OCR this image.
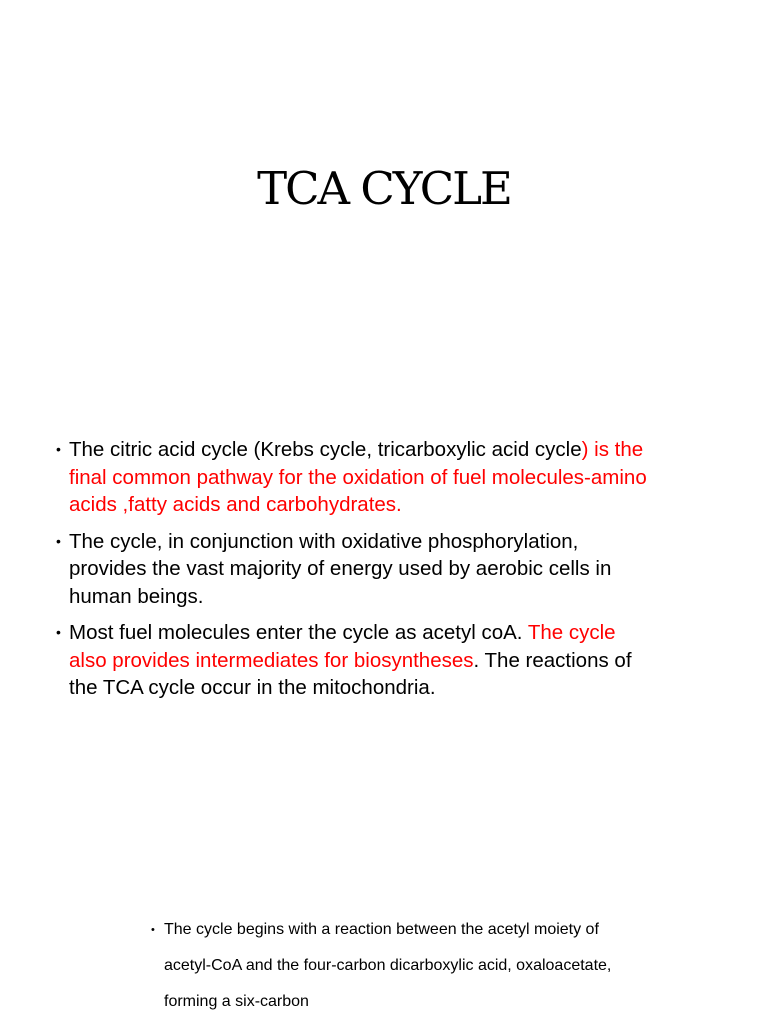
TCA CYCLE
• The citric acid cycle (Krebs cycle, tricarboxylic acid cycle) is the final common pathway for the oxidation of fuel molecules-amino acids ,fatty acids and carbohydrates.
• The cycle, in conjunction with oxidative phosphorylation, provides the vast majority of energy used by aerobic cells in human beings.
• Most fuel molecules enter the cycle as acetyl coA. The cycle also provides intermediates for biosyntheses. The reactions of the TCA cycle occur in the mitochondria.
• The cycle begins with a reaction between the acetyl moiety of acetyl-CoA and the four-carbon dicarboxylic acid, oxaloacetate, forming a six-carbon
